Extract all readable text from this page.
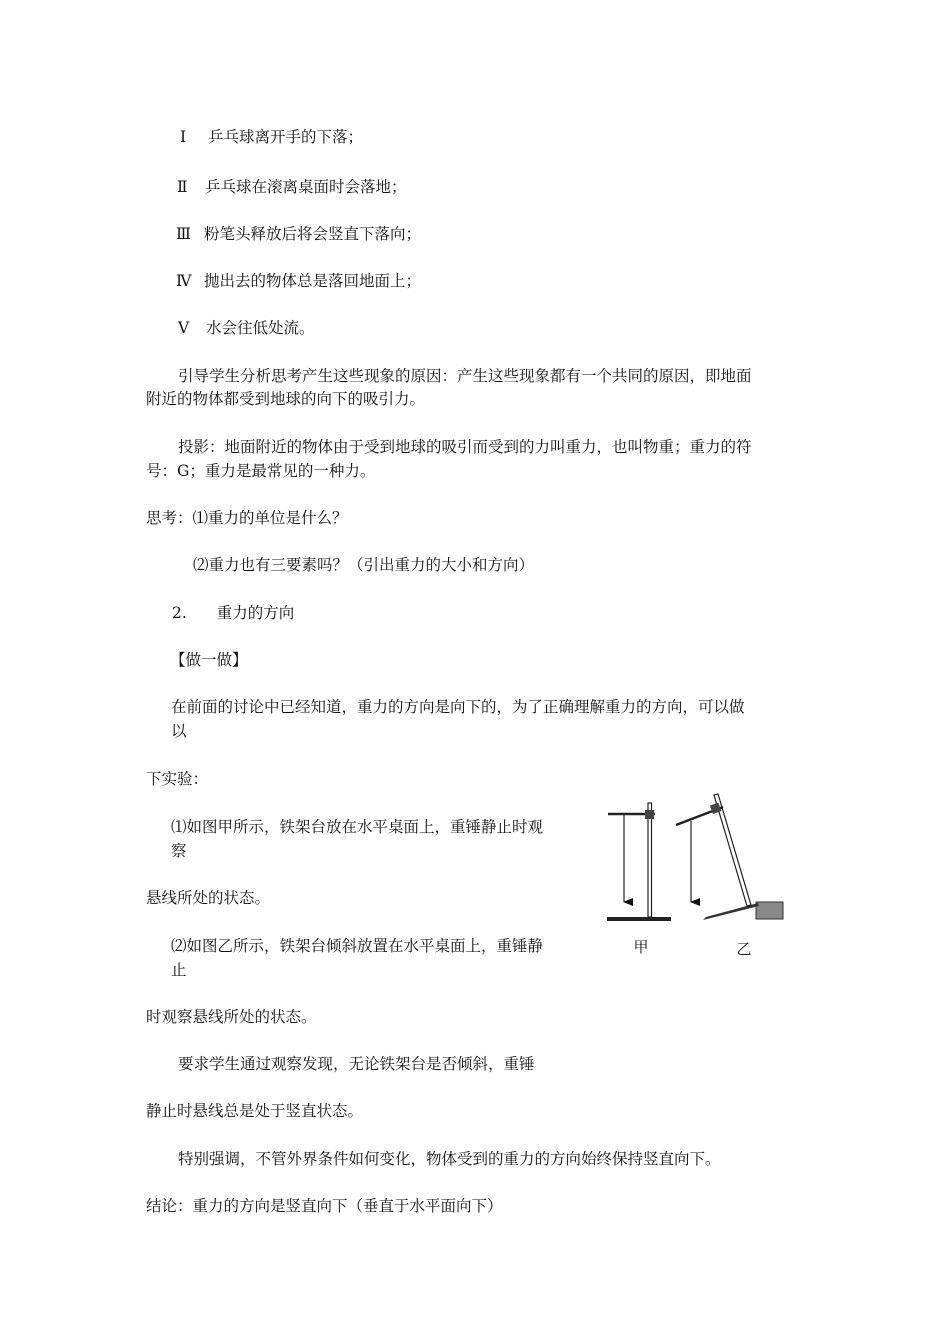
Ⅰ 乒乓球离开手的下落；
Ⅱ 乒乓球在滚离桌面时会落地；
Ⅲ 粉笔头释放后将会竖直下落向；
Ⅳ 抛出去的物体总是落回地面上；
Ⅴ 水会往低处流。
引导学生分析思考产生这些现象的原因：产生这些现象都有一个共同的原因，即地面
附近的物体都受到地球的向下的吸引力。
投影：地面附近的物体由于受到地球的吸引而受到的力叫重力，也叫物重；重力的符
号：G；重力是最常见的一种力。
思考：⑴重力的单位是什么？
⑵重力也有三要素吗？（引出重力的大小和方向）
2. 重力的方向
【做一做】
在前面的讨论中已经知道，重力的方向是向下的，为了正确理解重力的方向，可以做
以
下实验：
⑴如图甲所示，铁架台放在水平桌面上，重锤静止时观
察
悬线所处的状态。
⑵如图乙所示，铁架台倾斜放置在水平桌面上，重锤静
止
时观察悬线所处的状态。
要求学生通过观察发现，无论铁架台是否倾斜，重锤
静止时悬线总是处于竖直状态。
特别强调，不管外界条件如何变化，物体受到的重力的方向始终保持竖直向下。
结论：重力的方向是竖直向下（垂直于水平面向下）
甲	乙
